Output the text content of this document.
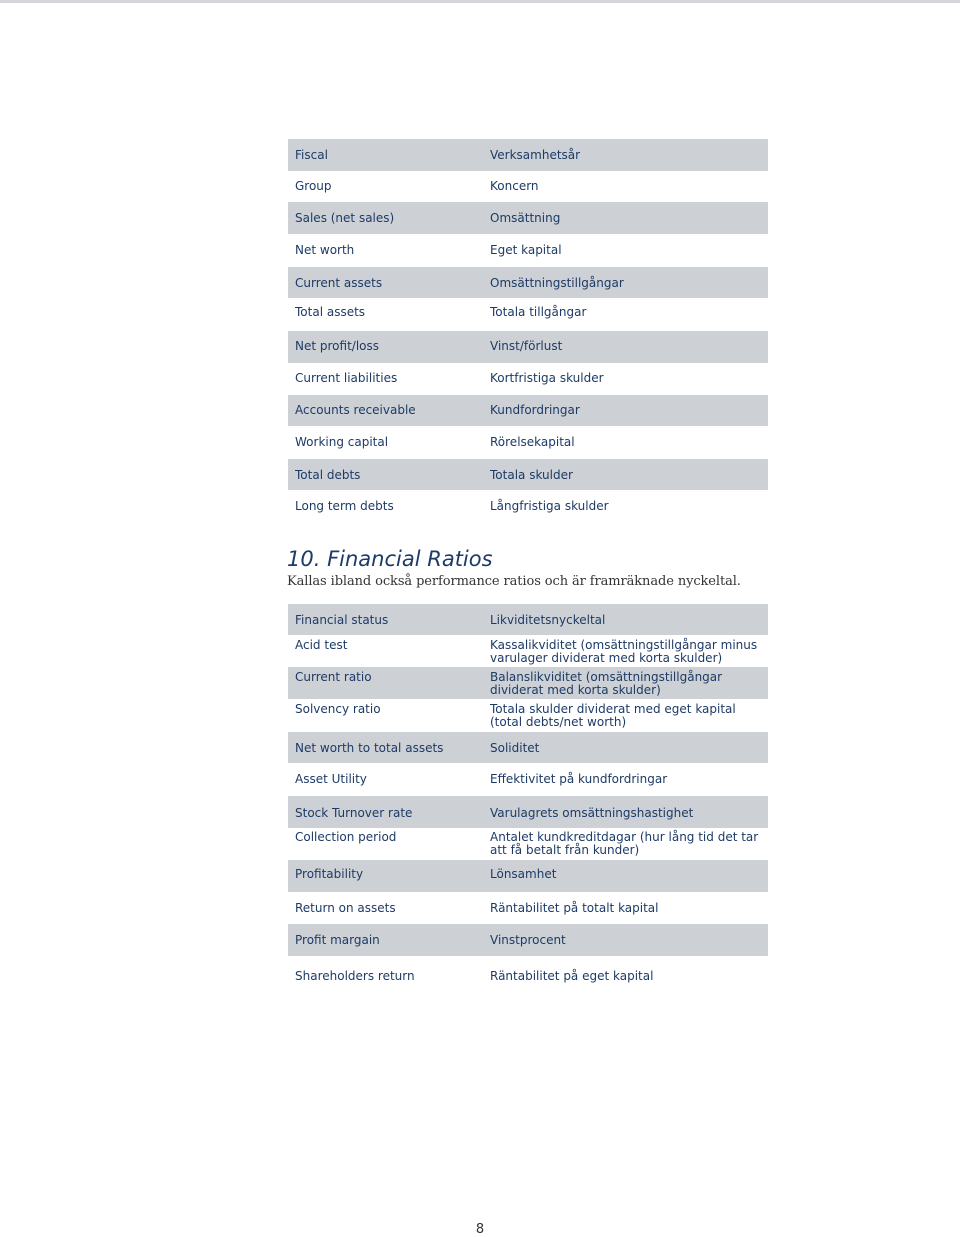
Fiscal	Verksamhetsår
Group	Koncern
Sales (net sales)	Omsättning
Net worth	Eget kapital
Current assets	Omsättningstillgångar
Total assets	Totala tillgångar
Net profit/loss	Vinst/förlust
Current liabilities	Kortfristiga skulder
Accounts receivable	Kundfordringar
Working capital	Rörelsekapital
Total debts	Totala skulder
Long term debts	Långfristiga skulder
10. Financial Ratios
Kallas ibland också performance ratios och är framräknade nyckeltal.
Financial status	Likviditetsnyckeltal
Acid test	Kassalikviditet (omsättningstillgångar minus
varulager dividerat med korta skulder)
Current ratio	Balanslikviditet (omsättningstillgångar
dividerat med korta skulder)
Solvency ratio	Totala skulder dividerat med eget kapital
(total debts/net worth)
Net worth to total assets	Soliditet
Asset Utility	Effektivitet på kundfordringar
Stock Turnover rate	Varulagrets omsättningshastighet
Collection period	Antalet kundkreditdagar (hur lång tid det tar
att få betalt från kunder)
Profitability	Lönsamhet
Return on assets	Räntabilitet på totalt kapital
Profit margain	Vinstprocent
Shareholders return	Räntabilitet på eget kapital
8
